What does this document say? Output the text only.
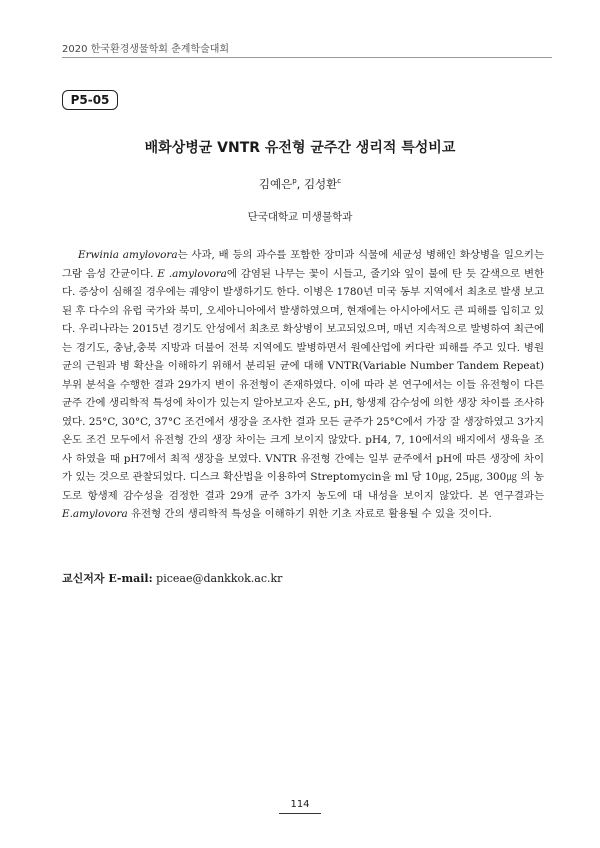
2020 한국환경생물학회 춘계학술대회
P5-05
배화상병균 VNTR 유전형 균주간 생리적 특성비교
김예은$^p$, 김성환$^c$
단국대학교 미생물학과

Erwinia amylovora는 사과, 배 등의 과수를 포함한 장미과 식물에 세균성 병해인 화상병을 일으키는 그람 음성 간균이다. E .amylovora에 감염된 나무는 꽃이 시들고, 줄기와 잎이 불에 탄 듯 갈색으로 변한다. 증상이 심해질 경우에는 궤양이 발생하기도 한다. 이병은 1780년 미국 동부 지역에서 최초로 발생 보고된 후 다수의 유럽 국가와 북미, 오세아니아에서 발생하였으며, 현재에는 아시아에서도 큰 피해를 입히고 있다. 우리나라는 2015년 경기도 안성에서 최초로 화상병이 보고되었으며, 매년 지속적으로 발병하여 최근에는 경기도, 충남,충북 지방과 더불어 전북 지역에도 발병하면서 원예산업에 커다란 피해를 주고 있다. 병원균의 근원과 병 확산을 이해하기 위해서 분리된 균에 대해 VNTR(Variable Number Tandem Repeat) 부위 분석을 수행한 결과 29가지 변이 유전형이 존재하였다. 이에 따라 본 연구에서는 이들 유전형이 다른 균주 간에 생리학적 특성에 차이가 있는지 알아보고자 온도, pH, 항생제 감수성에 의한 생장 차이를 조사하였다. 25°C, 30°C, 37°C 조건에서 생장을 조사한 결과 모든 균주가 25°C에서 가장 잘 생장하였고 3가지 온도 조건 모두에서 유전형 간의 생장 차이는 크게 보이지 않았다. pH4, 7, 10에서의 배지에서 생육을 조사 하였을 때 pH7에서 최적 생장을 보였다. VNTR 유전형 간에는 일부 균주에서 pH에 따른 생장에 차이가 있는 것으로 관찰되었다. 디스크 확산법을 이용하여 Streptomycin을 ml 당 10㎍, 25㎍, 300㎍ 의 농도로 항생제 감수성을 검정한 결과 29개 균주 3가지 농도에 대 내성을 보이지 않았다. 본 연구결과는 E.amylovora 유전형 간의 생리학적 특성을 이해하기 위한 기초 자료로 활용될 수 있을 것이다.

교신저자 E-mail: piceae@dankkok.ac.kr
114
